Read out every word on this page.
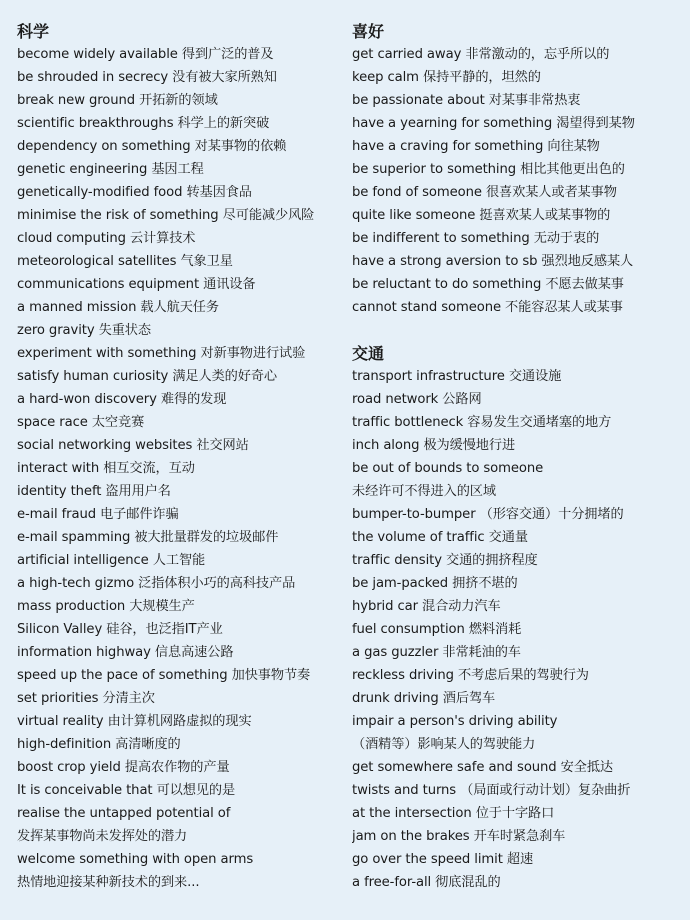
科学
become widely available 得到广泛的普及
be shrouded in secrecy 没有被大家所熟知
break new ground 开拓新的领域
scientific breakthroughs 科学上的新突破
dependency on something 对某事物的依赖
genetic engineering 基因工程
genetically-modified food 转基因食品
minimise the risk of something 尽可能减少风险
cloud computing 云计算技术
meteorological satellites 气象卫星
communications equipment 通讯设备
a manned mission 载人航天任务
zero gravity 失重状态
experiment with something 对新事物进行试验
satisfy human curiosity 满足人类的好奇心
a hard-won discovery 难得的发现
space race 太空竞赛
social networking websites 社交网站
interact with 相互交流，互动
identity theft 盗用用户名
e-mail fraud 电子邮件诈骗
e-mail spamming 被大批量群发的垃圾邮件
artificial intelligence 人工智能
a high-tech gizmo 泛指体积小巧的高科技产品
mass production 大规模生产
Silicon Valley 硅谷，也泛指IT产业
information highway 信息高速公路
speed up the pace of something 加快事物节奏
set priorities 分清主次
virtual reality 由计算机网路虚拟的现实
high-definition 高清晰度的
boost crop yield 提高农作物的产量
It is conceivable that 可以想见的是
realise the untapped potential of
发挥某事物尚未发挥处的潜力
welcome something with open arms
热情地迎接某种新技术的到来...
喜好
get carried away 非常激动的，忘乎所以的
keep calm 保持平静的，坦然的
be passionate about 对某事非常热衷
have a yearning for something 渴望得到某物
have a craving for something 向往某物
be superior to something 相比其他更出色的
be fond of someone 很喜欢某人或者某事物
quite like someone 挺喜欢某人或某事物的
be indifferent to something 无动于衷的
have a strong aversion to sb 强烈地反感某人
be reluctant to do something 不愿去做某事
cannot stand someone 不能容忍某人或某事
交通
transport infrastructure 交通设施
road network 公路网
traffic bottleneck 容易发生交通堵塞的地方
inch along 极为缓慢地行进
be out of bounds to someone
未经许可不得进入的区域
bumper-to-bumper （形容交通）十分拥堵的
the volume of traffic 交通量
traffic density 交通的拥挤程度
be jam-packed 拥挤不堪的
hybrid car 混合动力汽车
fuel consumption 燃料消耗
a gas guzzler 非常耗油的车
reckless driving 不考虑后果的驾驶行为
drunk driving 酒后驾车
impair a person's driving ability
（酒精等）影响某人的驾驶能力
get somewhere safe and sound 安全抵达
twists and turns （局面或行动计划）复杂曲折
at the intersection 位于十字路口
jam on the brakes 开车时紧急刹车
go over the speed limit 超速
a free-for-all 彻底混乱的
